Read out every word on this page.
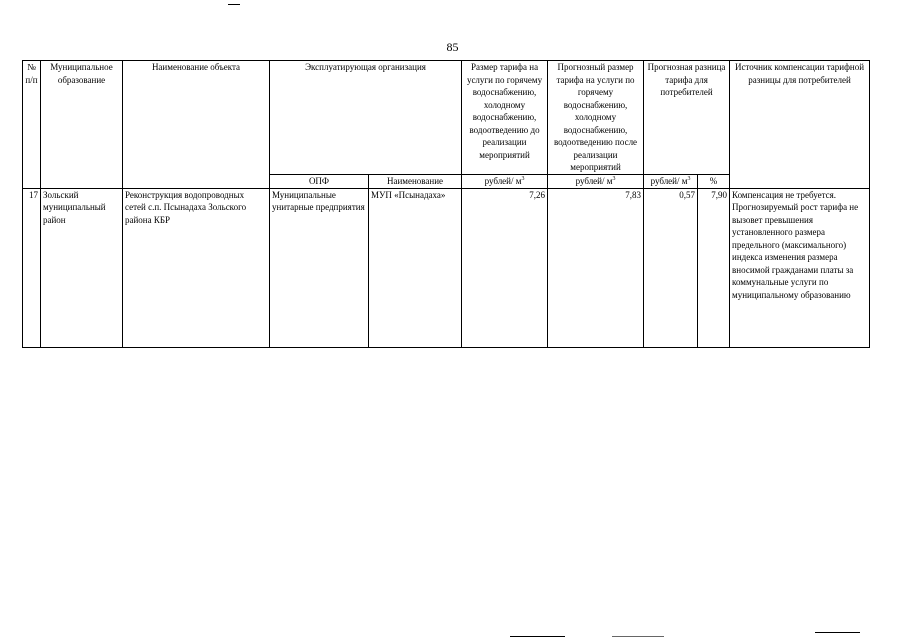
85
№ п/п	Муниципальное образование	Наименование объекта	Эксплуатирующая организация		Размер тарифа на услуги по горячему водоснабжению, холодному водоснабжению, водоотведению до реализации мероприятий	Прогнозный размер тарифа на услуги по горячему водоснабжению, холодному водоснабжению, водоотведению после реализации мероприятий	Прогнозная разница тарифа для потребителей		Источник компенсации тарифной разницы для потребителей
			ОПФ	Наименование	рублей/ $м^3$	рублей/ $м^3$	рублей/ $м^3$	%	
17	Зольский муниципальный район	Реконструкция водопроводных сетей с.п. Псынадаха Зольского района КБР	Муниципальные унитарные предприятия	МУП «Псынадаха»	7,26	7,83	0,57	7,90	Компенсация не требуется. Прогнозируемый рост тарифа не вызовет превышения установленного размера предельного (максимального) индекса изменения размера вносимой гражданами платы за коммунальные услуги по муниципальному образованию
